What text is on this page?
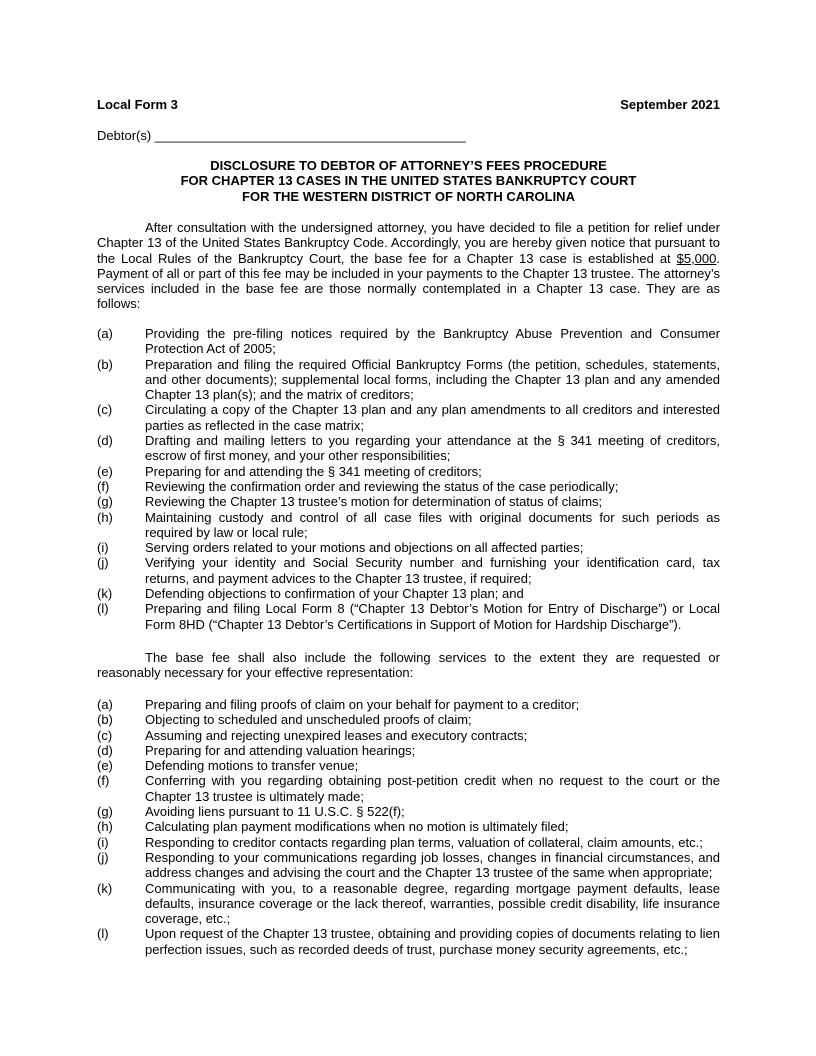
Local Form 3	September 2021
Debtor(s) ___________________________________________
DISCLOSURE TO DEBTOR OF ATTORNEY’S FEES PROCEDURE
FOR CHAPTER 13 CASES IN THE UNITED STATES BANKRUPTCY COURT
FOR THE WESTERN DISTRICT OF NORTH CAROLINA
After consultation with the undersigned attorney, you have decided to file a petition for relief under Chapter 13 of the United States Bankruptcy Code. Accordingly, you are hereby given notice that pursuant to the Local Rules of the Bankruptcy Court, the base fee for a Chapter 13 case is established at $5,000. Payment of all or part of this fee may be included in your payments to the Chapter 13 trustee. The attorney’s services included in the base fee are those normally contemplated in a Chapter 13 case. They are as follows:
(a)	Providing the pre-filing notices required by the Bankruptcy Abuse Prevention and Consumer Protection Act of 2005;
(b)	Preparation and filing the required Official Bankruptcy Forms (the petition, schedules, statements, and other documents); supplemental local forms, including the Chapter 13 plan and any amended Chapter 13 plan(s); and the matrix of creditors;
(c)	Circulating a copy of the Chapter 13 plan and any plan amendments to all creditors and interested parties as reflected in the case matrix;
(d)	Drafting and mailing letters to you regarding your attendance at the § 341 meeting of creditors, escrow of first money, and your other responsibilities;
(e)	Preparing for and attending the § 341 meeting of creditors;
(f)	Reviewing the confirmation order and reviewing the status of the case periodically;
(g)	Reviewing the Chapter 13 trustee’s motion for determination of status of claims;
(h)	Maintaining custody and control of all case files with original documents for such periods as required by law or local rule;
(i)	Serving orders related to your motions and objections on all affected parties;
(j)	Verifying your identity and Social Security number and furnishing your identification card, tax returns, and payment advices to the Chapter 13 trustee, if required;
(k)	Defending objections to confirmation of your Chapter 13 plan; and
(l)	Preparing and filing Local Form 8 (“Chapter 13 Debtor’s Motion for Entry of Discharge”) or Local Form 8HD (“Chapter 13 Debtor’s Certifications in Support of Motion for Hardship Discharge”).
The base fee shall also include the following services to the extent they are requested or reasonably necessary for your effective representation:
(a)	Preparing and filing proofs of claim on your behalf for payment to a creditor;
(b)	Objecting to scheduled and unscheduled proofs of claim;
(c)	Assuming and rejecting unexpired leases and executory contracts;
(d)	Preparing for and attending valuation hearings;
(e)	Defending motions to transfer venue;
(f)	Conferring with you regarding obtaining post-petition credit when no request to the court or the Chapter 13 trustee is ultimately made;
(g)	Avoiding liens pursuant to 11 U.S.C. § 522(f);
(h)	Calculating plan payment modifications when no motion is ultimately filed;
(i)	Responding to creditor contacts regarding plan terms, valuation of collateral, claim amounts, etc.;
(j)	Responding to your communications regarding job losses, changes in financial circumstances, and address changes and advising the court and the Chapter 13 trustee of the same when appropriate;
(k)	Communicating with you, to a reasonable degree, regarding mortgage payment defaults, lease defaults, insurance coverage or the lack thereof, warranties, possible credit disability, life insurance coverage, etc.;
(l)	Upon request of the Chapter 13 trustee, obtaining and providing copies of documents relating to lien perfection issues, such as recorded deeds of trust, purchase money security agreements, etc.;
